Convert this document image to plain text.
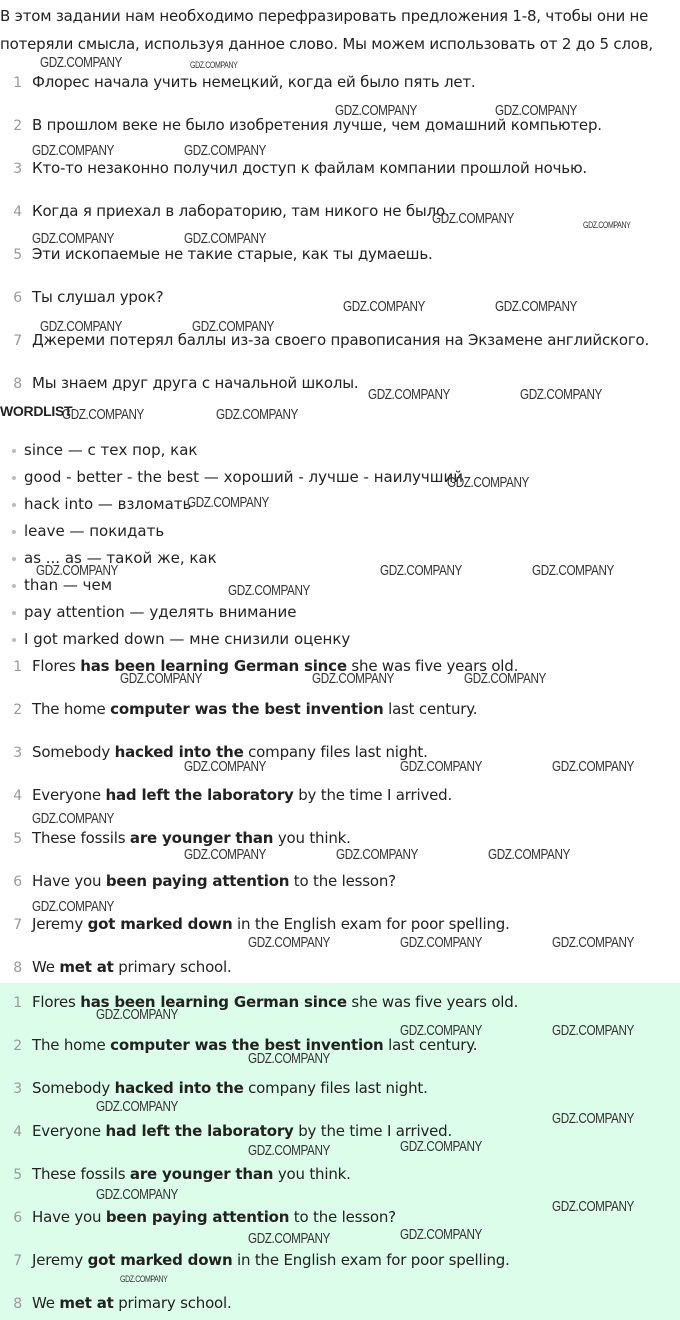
В этом задании нам необходимо перефразировать предложения 1-8, чтобы они не потеряли смысла, используя данное слово. Мы можем использовать от 2 до 5 слов,
1 Флорес начала учить немецкий, когда ей было пять лет.
2 В прошлом веке не было изобретения лучше, чем домашний компьютер.
3 Кто-то незаконно получил доступ к файлам компании прошлой ночью.
4 Когда я приехал в лабораторию, там никого не было.
5 Эти ископаемые не такие старые, как ты думаешь.
6 Ты слушал урок?
7 Джереми потерял баллы из-за своего правописания на Экзамене английского.
8 Мы знаем друг друга с начальной школы.
WORDLIST
since — с тех пор, как
good - better - the best — хороший - лучше - наилучший
hack into — взломать
leave — покидать
as ... as — такой же, как
than — чем
pay attention — уделять внимание
I got marked down — мне снизили оценку
1 Flores has been learning German since she was five years old.
2 The home computer was the best invention last century.
3 Somebody hacked into the company files last night.
4 Everyone had left the laboratory by the time I arrived.
5 These fossils are younger than you think.
6 Have you been paying attention to the lesson?
7 Jeremy got marked down in the English exam for poor spelling.
8 We met at primary school.
1 Flores has been learning German since she was five years old.
2 The home computer was the best invention last century.
3 Somebody hacked into the company files last night.
4 Everyone had left the laboratory by the time I arrived.
5 These fossils are younger than you think.
6 Have you been paying attention to the lesson?
7 Jeremy got marked down in the English exam for poor spelling.
8 We met at primary school.
GDZ.COMPANY	GDZ.COMPANY
GDZ.COMPANY	GDZ.COMPANY
GDZ.COMPANY	GDZ.COMPANY
GDZ.COMPANY	GDZ.COMPANY
GDZ.COMPANY	GDZ.COMPANY
GDZ.COMPANY	GDZ.COMPANY
GDZ.COMPANY	GDZ.COMPANY
GDZ.COMPANY	GDZ.COMPANY
GDZ.COMPANY	GDZ.COMPANY
GDZ.COMPANY
GDZ.COMPANY
GDZ.COMPANY	GDZ.COMPANY	GDZ.COMPANY
GDZ.COMPANY
GDZ.COMPANY	GDZ.COMPANY	GDZ.COMPANY
GDZ.COMPANY	GDZ.COMPANY	GDZ.COMPANY
GDZ.COMPANY
GDZ.COMPANY	GDZ.COMPANY	GDZ.COMPANY
GDZ.COMPANY
GDZ.COMPANY	GDZ.COMPANY	GDZ.COMPANY
GDZ.COMPANY
GDZ.COMPANY	GDZ.COMPANY
GDZ.COMPANY
GDZ.COMPANY
GDZ.COMPANY
GDZ.COMPANY
GDZ.COMPANY
GDZ.COMPANY
GDZ.COMPANY
GDZ.COMPANY
GDZ.COMPANY
GDZ.COMPANY
